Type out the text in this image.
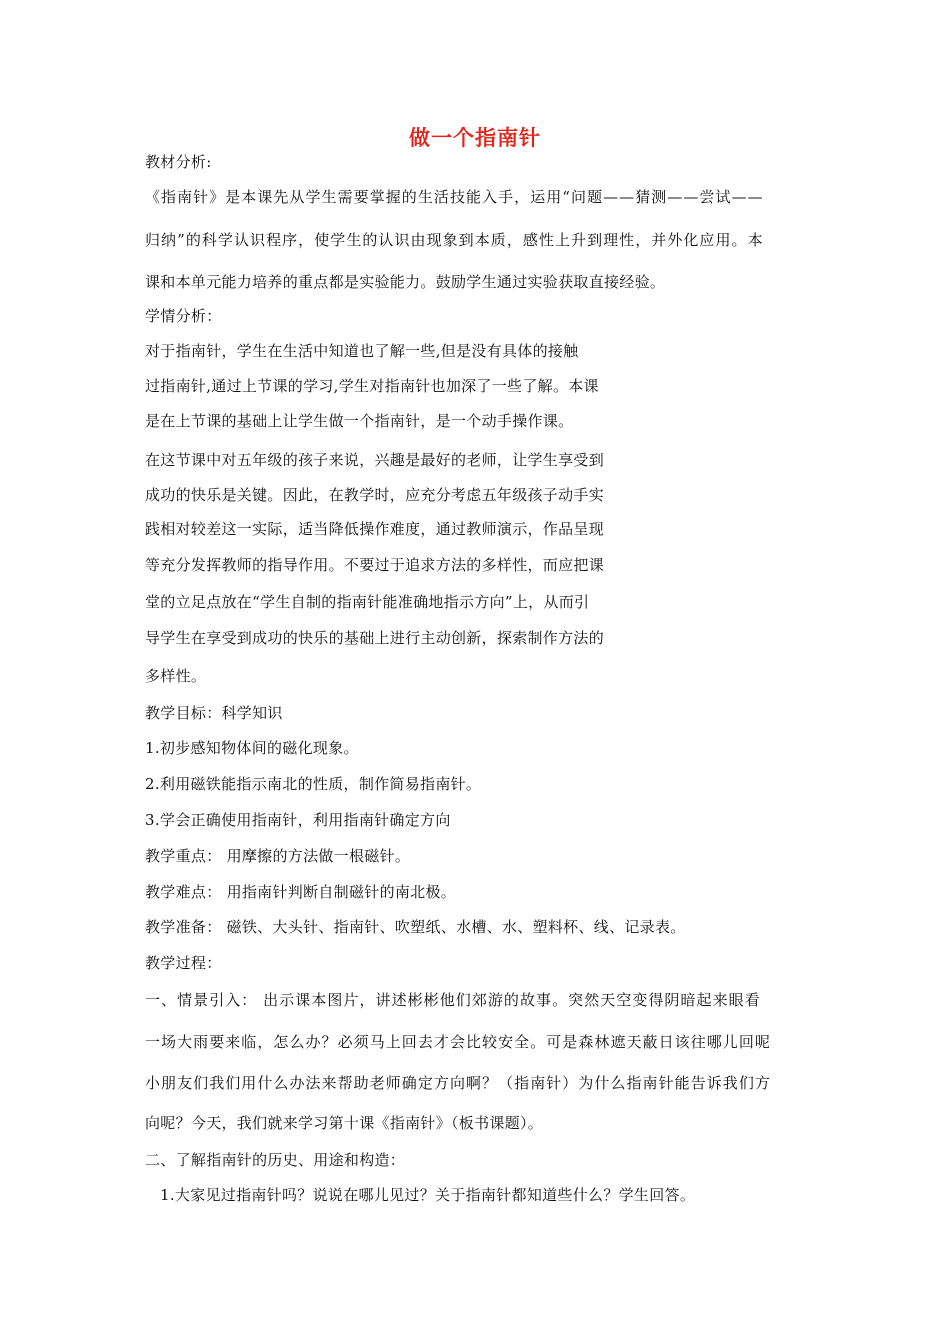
做一个指南针
教材分析:
《指南针》是本课先从学生需要掌握的生活技能入手，运用“问题——猜测——尝试——
归纳”的科学认识程序，使学生的认识由现象到本质，感性上升到理性，并外化应用。本
课和本单元能力培养的重点都是实验能力。鼓励学生通过实验获取直接经验。
学情分析：
对于指南针，学生在生活中知道也了解一些,但是没有具体的接触
过指南针,通过上节课的学习,学生对指南针也加深了一些了解。本课
是在上节课的基础上让学生做一个指南针，是一个动手操作课。
在这节课中对五年级的孩子来说，兴趣是最好的老师，让学生享受到
成功的快乐是关键。因此，在教学时，应充分考虑五年级孩子动手实
践相对较差这一实际，适当降低操作难度，通过教师演示，作品呈现
等充分发挥教师的指导作用。不要过于追求方法的多样性，而应把课
堂的立足点放在“学生自制的指南针能准确地指示方向”上，从而引
导学生在享受到成功的快乐的基础上进行主动创新，探索制作方法的
多样性。
教学目标：科学知识
1.初步感知物体间的磁化现象。
2.利用磁铁能指示南北的性质，制作简易指南针。
3.学会正确使用指南针，利用指南针确定方向
教学重点： 用摩擦的方法做一根磁针。
教学难点： 用指南针判断自制磁针的南北极。
教学准备： 磁铁、大头针、指南针、吹塑纸、水槽、水、塑料杯、线、记录表。
教学过程：
一、情景引入： 出示课本图片，讲述彬彬他们郊游的故事。突然天空变得阴暗起来眼看
一场大雨要来临，怎么办？必须马上回去才会比较安全。可是森林遮天蔽日该往哪儿回呢
小朋友们我们用什么办法来帮助老师确定方向啊？（指南针）为什么指南针能告诉我们方
向呢？今天，我们就来学习第十课《指南针》（板书课题）。
二、了解指南针的历史、用途和构造：
1.大家见过指南针吗？说说在哪儿见过？关于指南针都知道些什么？学生回答。
